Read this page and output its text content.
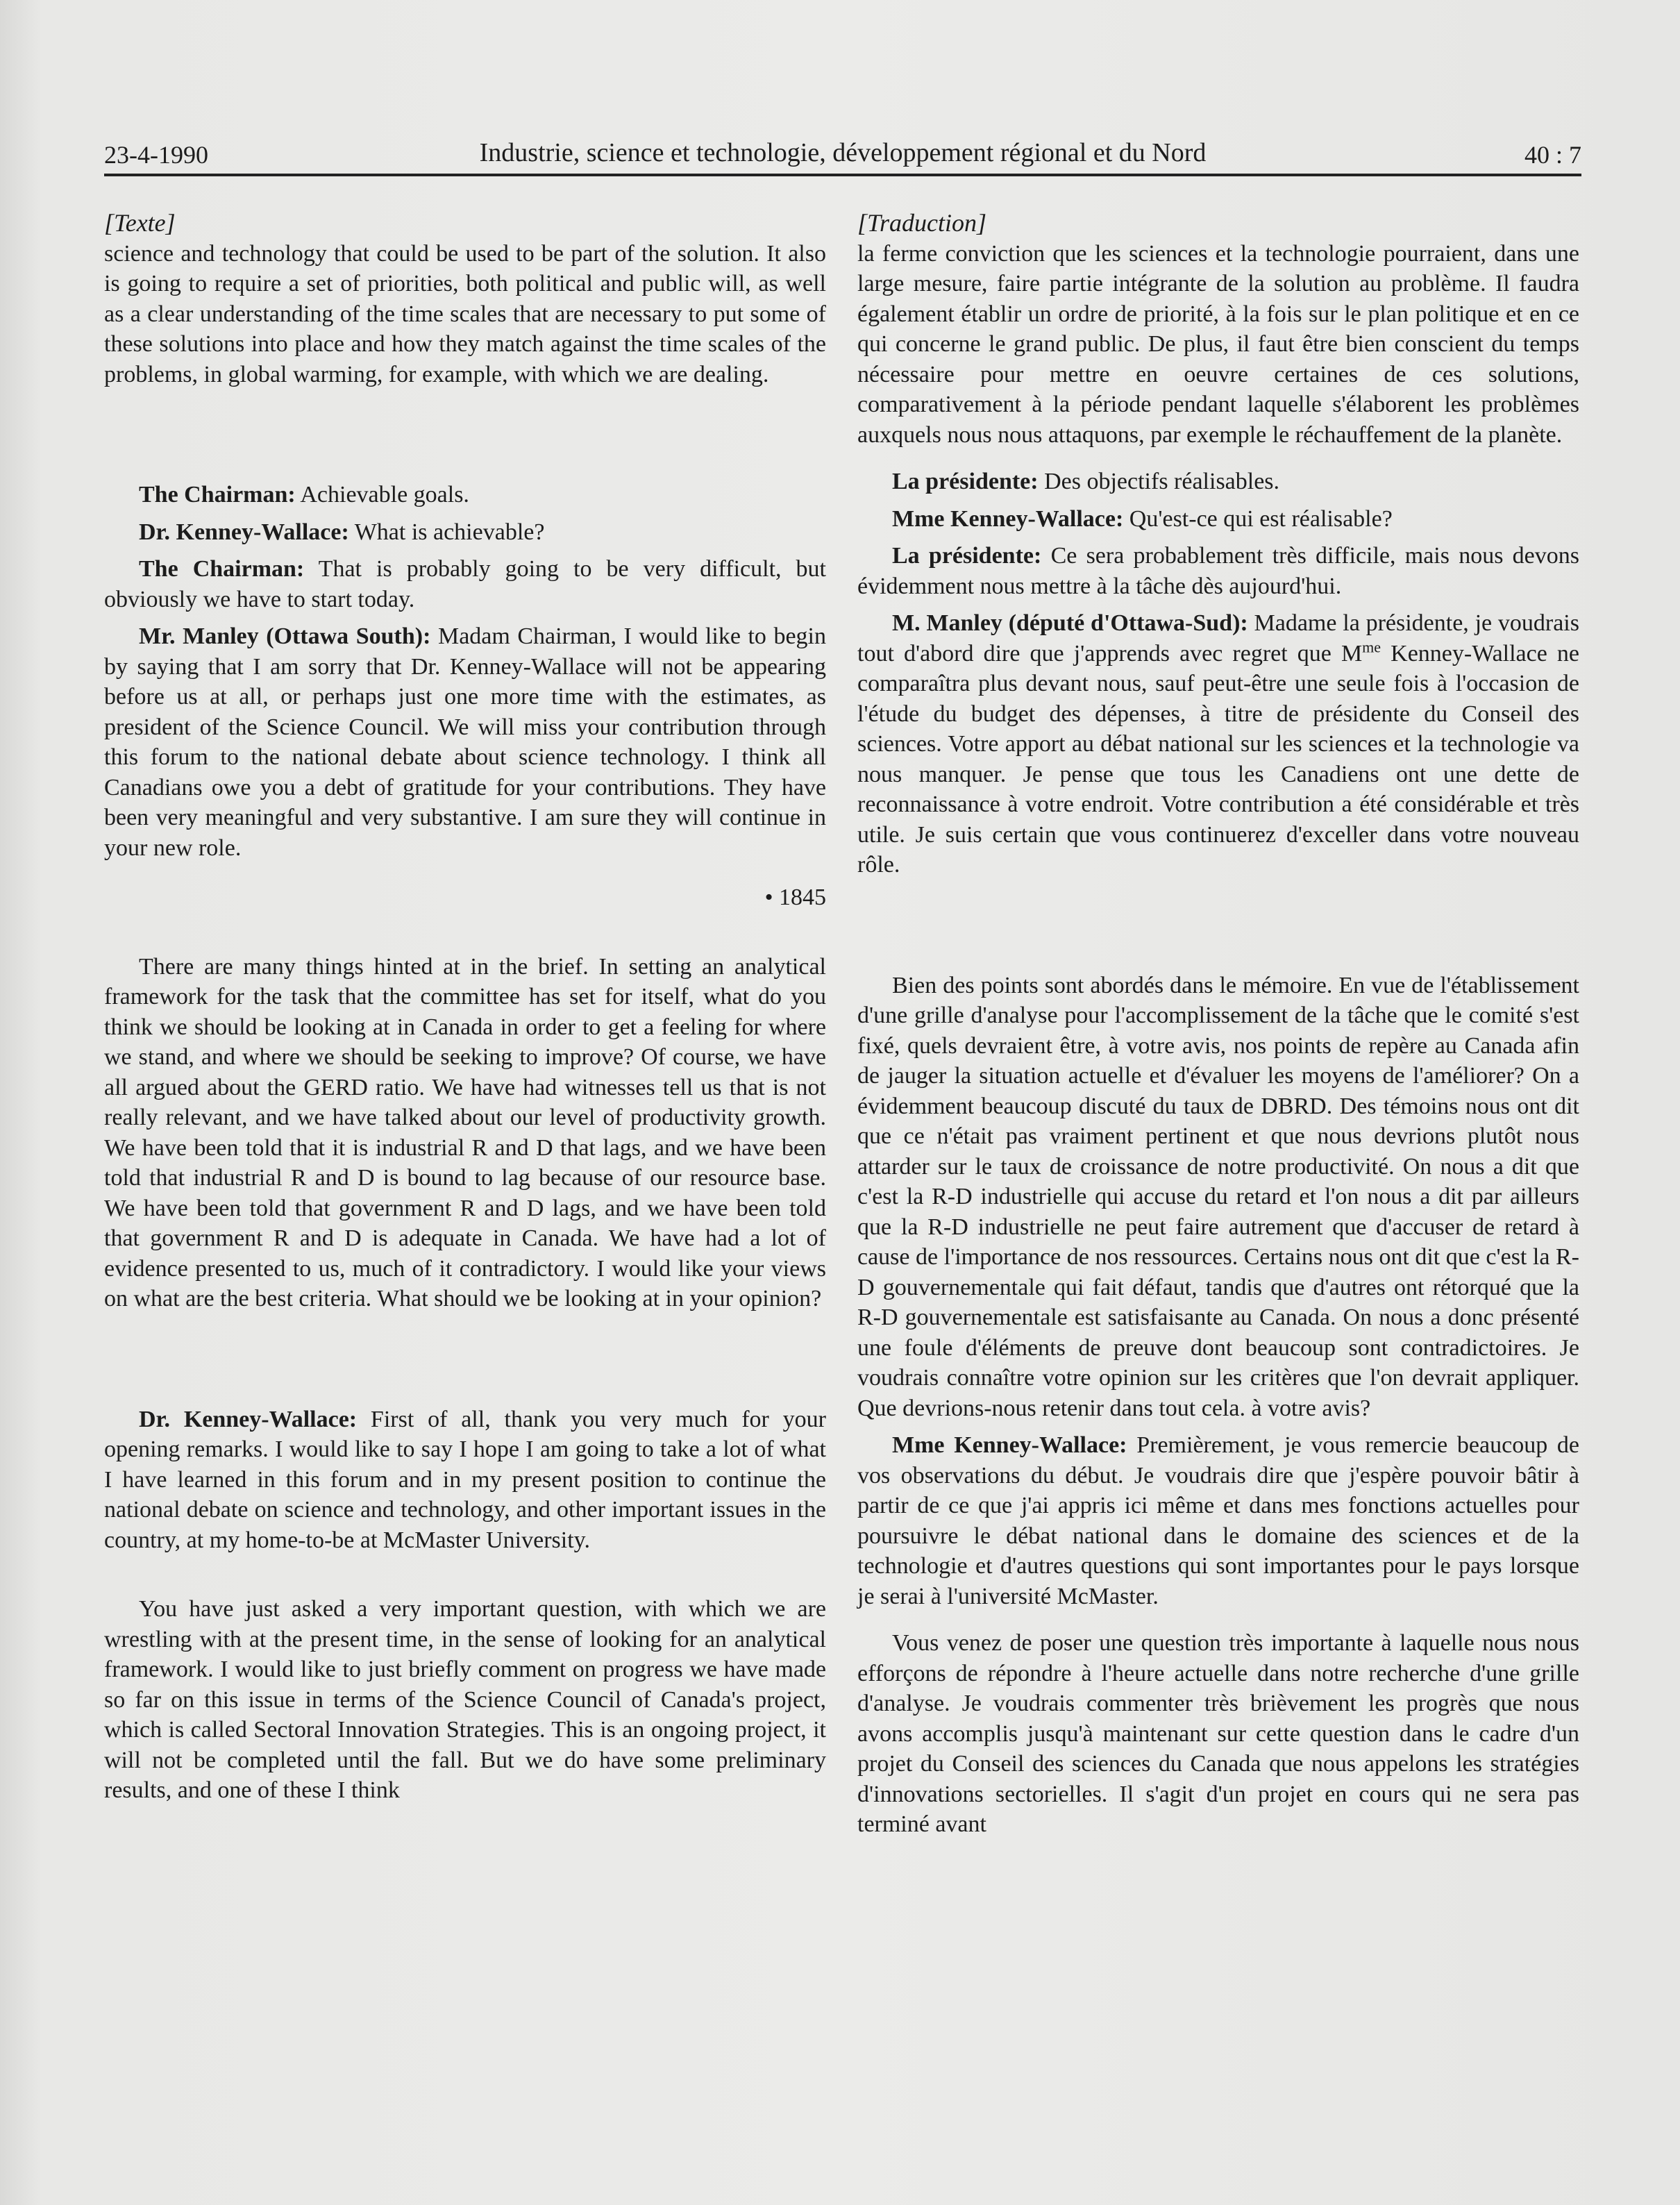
23-4-1990	Industrie, science et technologie, développement régional et du Nord	40 : 7

[Texte]

science and technology that could be used to be part of the solution. It also is going to require a set of priorities, both political and public will, as well as a clear understanding of the time scales that are necessary to put some of these solutions into place and how they match against the time scales of the problems, in global warming, for example, with which we are dealing.

The Chairman: Achievable goals.

Dr. Kenney-Wallace: What is achievable?

The Chairman: That is probably going to be very difficult, but obviously we have to start today.

Mr. Manley (Ottawa South): Madam Chairman, I would like to begin by saying that I am sorry that Dr. Kenney-Wallace will not be appearing before us at all, or perhaps just one more time with the estimates, as president of the Science Council. We will miss your contribution through this forum to the national debate about science technology. I think all Canadians owe you a debt of gratitude for your contributions. They have been very meaningful and very substantive. I am sure they will continue in your new role.

• 1845

There are many things hinted at in the brief. In setting an analytical framework for the task that the committee has set for itself, what do you think we should be looking at in Canada in order to get a feeling for where we stand, and where we should be seeking to improve? Of course, we have all argued about the GERD ratio. We have had witnesses tell us that is not really relevant, and we have talked about our level of productivity growth. We have been told that it is industrial R and D that lags, and we have been told that industrial R and D is bound to lag because of our resource base. We have been told that government R and D lags, and we have been told that government R and D is adequate in Canada. We have had a lot of evidence presented to us, much of it contradictory. I would like your views on what are the best criteria. What should we be looking at in your opinion?

Dr. Kenney-Wallace: First of all, thank you very much for your opening remarks. I would like to say I hope I am going to take a lot of what I have learned in this forum and in my present position to continue the national debate on science and technology, and other important issues in the country, at my home-to-be at McMaster University.

You have just asked a very important question, with which we are wrestling with at the present time, in the sense of looking for an analytical framework. I would like to just briefly comment on progress we have made so far on this issue in terms of the Science Council of Canada's project, which is called Sectoral Innovation Strategies. This is an ongoing project, it will not be completed until the fall. But we do have some preliminary results, and one of these I think

[Traduction]

la ferme conviction que les sciences et la technologie pourraient, dans une large mesure, faire partie intégrante de la solution au problème. Il faudra également établir un ordre de priorité, à la fois sur le plan politique et en ce qui concerne le grand public. De plus, il faut être bien conscient du temps nécessaire pour mettre en oeuvre certaines de ces solutions, comparativement à la période pendant laquelle s'élaborent les problèmes auxquels nous nous attaquons, par exemple le réchauffement de la planète.

La présidente: Des objectifs réalisables.

Mme Kenney-Wallace: Qu'est-ce qui est réalisable?

La présidente: Ce sera probablement très difficile, mais nous devons évidemment nous mettre à la tâche dès aujourd'hui.

M. Manley (député d'Ottawa-Sud): Madame la présidente, je voudrais tout d'abord dire que j'apprends avec regret que $M^{me}$ Kenney-Wallace ne comparaîtra plus devant nous, sauf peut-être une seule fois à l'occasion de l'étude du budget des dépenses, à titre de présidente du Conseil des sciences. Votre apport au débat national sur les sciences et la technologie va nous manquer. Je pense que tous les Canadiens ont une dette de reconnaissance à votre endroit. Votre contribution a été considérable et très utile. Je suis certain que vous continuerez d'exceller dans votre nouveau rôle.

Bien des points sont abordés dans le mémoire. En vue de l'établissement d'une grille d'analyse pour l'accomplissement de la tâche que le comité s'est fixé, quels devraient être, à votre avis, nos points de repère au Canada afin de jauger la situation actuelle et d'évaluer les moyens de l'améliorer? On a évidemment beaucoup discuté du taux de DBRD. Des témoins nous ont dit que ce n'était pas vraiment pertinent et que nous devrions plutôt nous attarder sur le taux de croissance de notre productivité. On nous a dit que c'est la R-D industrielle qui accuse du retard et l'on nous a dit par ailleurs que la R-D industrielle ne peut faire autrement que d'accuser de retard à cause de l'importance de nos ressources. Certains nous ont dit que c'est la R-D gouvernementale qui fait défaut, tandis que d'autres ont rétorqué que la R-D gouvernementale est satisfaisante au Canada. On nous a donc présenté une foule d'éléments de preuve dont beaucoup sont contradictoires. Je voudrais connaître votre opinion sur les critères que l'on devrait appliquer. Que devrions-nous retenir dans tout cela. à votre avis?

Mme Kenney-Wallace: Premièrement, je vous remercie beaucoup de vos observations du début. Je voudrais dire que j'espère pouvoir bâtir à partir de ce que j'ai appris ici même et dans mes fonctions actuelles pour poursuivre le débat national dans le domaine des sciences et de la technologie et d'autres questions qui sont importantes pour le pays lorsque je serai à l'université McMaster.

Vous venez de poser une question très importante à laquelle nous nous efforçons de répondre à l'heure actuelle dans notre recherche d'une grille d'analyse. Je voudrais commenter très brièvement les progrès que nous avons accomplis jusqu'à maintenant sur cette question dans le cadre d'un projet du Conseil des sciences du Canada que nous appelons les stratégies d'innovations sectorielles. Il s'agit d'un projet en cours qui ne sera pas terminé avant
